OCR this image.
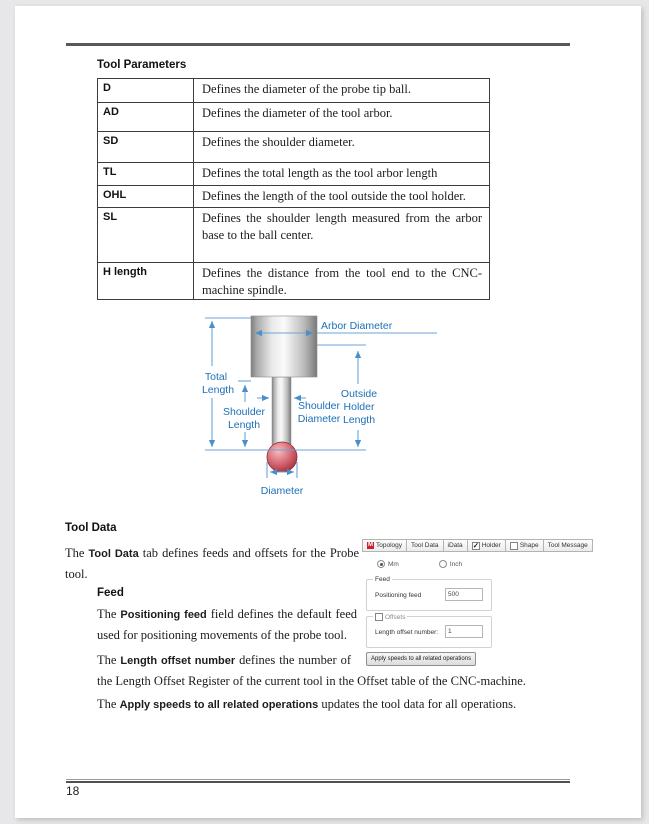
Tool Parameters
D	Defines the diameter of the probe tip ball.
AD	Defines the diameter of the tool arbor.
SD	Defines the shoulder diameter.
TL	Defines the total length as the tool arbor length
OHL	Defines the length of the tool outside the tool holder.
SL	Defines the shoulder length measured from the arbor base to the ball center.
H length	Defines the distance from the tool end to the CNC-machine spindle.
Arbor Diameter
Total
Length
Shoulder
Length
Shoulder
Diameter
Outside
Holder
Length
Diameter
Tool Data
The Tool Data tab defines feeds and offsets for the Probe tool.
Feed
The Positioning feed field defines the default feed used for positioning movements of the probe tool.
The Length offset number defines the number of the Length Offset Register of the current tool in the Offset table of the CNC-machine.
The Apply speeds to all related operations updates the tool data for all operations.
M Topology Tool Data iData ✓	Holder	Shape Tool Message
Mm	Inch
Feed
Positioning feed
500
Offsets
Length offset number:
1
Apply speeds to all related operations
18
